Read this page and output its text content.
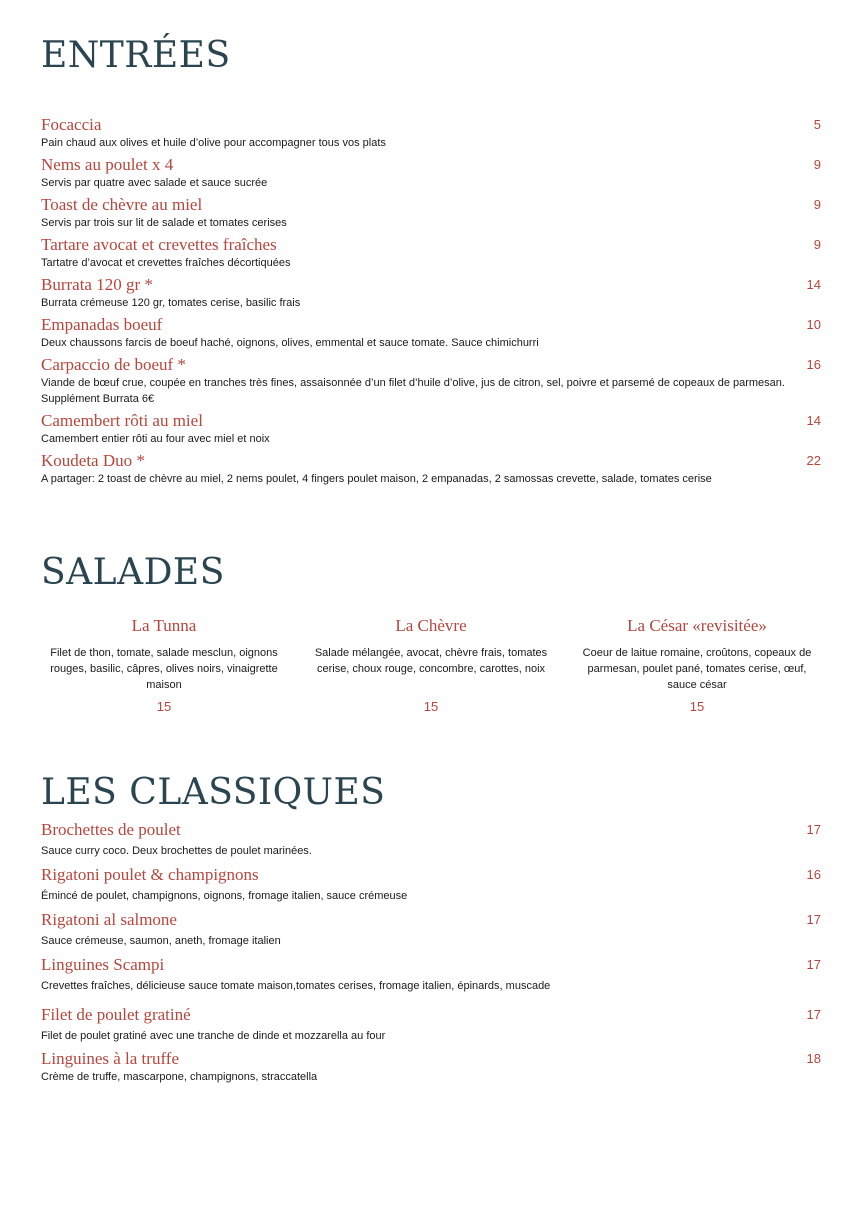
ENTRÉES
Focaccia
Pain chaud aux olives et huile d’olive pour accompagner tous vos plats
5
Nems au poulet x 4
Servis par quatre avec salade et sauce sucrée
9
Toast de chèvre au miel
Servis par trois sur lit de salade et tomates cerises
9
Tartare avocat et crevettes fraîches
Tartatre d’avocat et crevettes fraîches décortiquées
9
Burrata 120 gr *
Burrata crémeuse 120 gr, tomates cerise, basilic frais
14
Empanadas boeuf
Deux chaussons farcis de boeuf haché, oignons, olives, emmental et sauce tomate. Sauce chimichurri
10
Carpaccio de boeuf *
Viande de bœuf crue, coupée en tranches très fines, assaisonnée d’un filet d’huile d’olive, jus de citron, sel, poivre et parsemé de copeaux de parmesan.
Supplément Burrata 6€
16
Camembert rôti au miel
Camembert entier rôti au four avec miel et noix
14
Koudeta Duo *
A partager: 2 toast de chèvre au miel, 2 nems poulet, 4 fingers poulet maison, 2 empanadas, 2 samossas crevette, salade, tomates cerise
22
SALADES
La Tunna
Filet de thon, tomate, salade mesclun, oignons rouges, basilic, câpres, olives noirs, vinaigrette maison
15
La Chèvre
Salade mélangée, avocat, chèvre frais, tomates cerise, choux rouge, concombre, carottes, noix
15
La César «revisitée»
Coeur de laitue romaine, croûtons, copeaux de parmesan, poulet pané, tomates cerise, œuf, sauce césar
15
LES CLASSIQUES
Brochettes de poulet
Sauce curry coco. Deux brochettes de poulet marinées.
17
Rigatoni poulet & champignons
Émincé de poulet, champignons, oignons, fromage italien, sauce crémeuse
16
Rigatoni al salmone
Sauce crémeuse, saumon, aneth, fromage italien
17
Linguines Scampi
Crevettes fraîches, délicieuse sauce tomate maison,tomates cerises, fromage italien, épinards, muscade
17
Filet de poulet gratiné
Filet de poulet gratiné avec une tranche de dinde et mozzarella au four
17
Linguines à la truffe
Crème de truffe, mascarpone, champignons, straccatella
18
